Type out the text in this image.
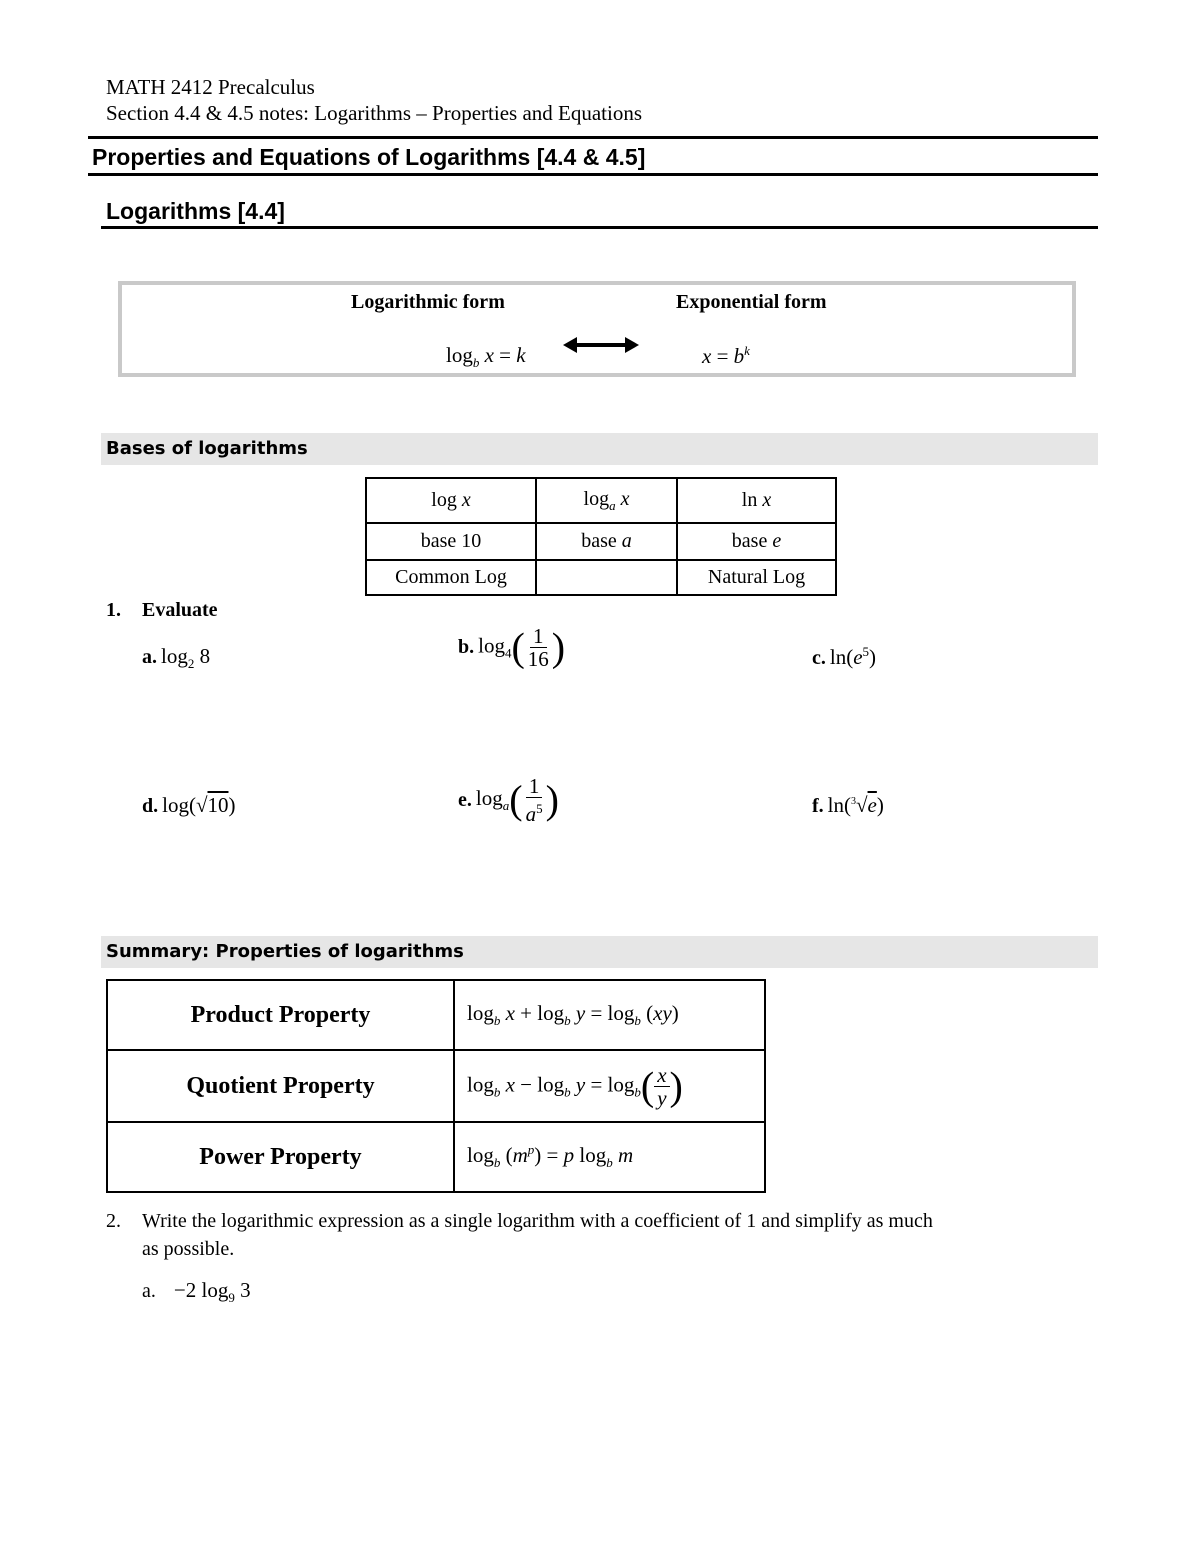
MATH 2412 Precalculus
Section 4.4 & 4.5 notes: Logarithms – Properties and Equations
Properties and Equations of Logarithms [4.4 & 4.5]
Logarithms [4.4]
Logarithmic form	Exponential form
$\log_b x = k$	$x = b^k$
Bases of logarithms
log x	$\log_a x$	ln x
base 10	base a	base e
Common Log		Natural Log
1. Evaluate
a. $\log_2 8$	b. $\log_4( \frac{1}{16}$ )	c. $\ln(e^5)$
d. log(√10)	e. $\log_a( \frac{1}{a^5}$ )	f. ln($^3$√e)
Summary: Properties of logarithms
Product Property	$\log_b x + \log_b y = \log_b (xy)$
Quotient Property	$\log_b x - \log_b y = \log_b( \frac{x}{y}$ )
Power Property	$\log_b (m^p) = p$ $\log_b m$
2. Write the logarithmic expression as a single logarithm with a coefficient of 1 and simplify as much
as possible.
a. −2 $\log_9 3$
